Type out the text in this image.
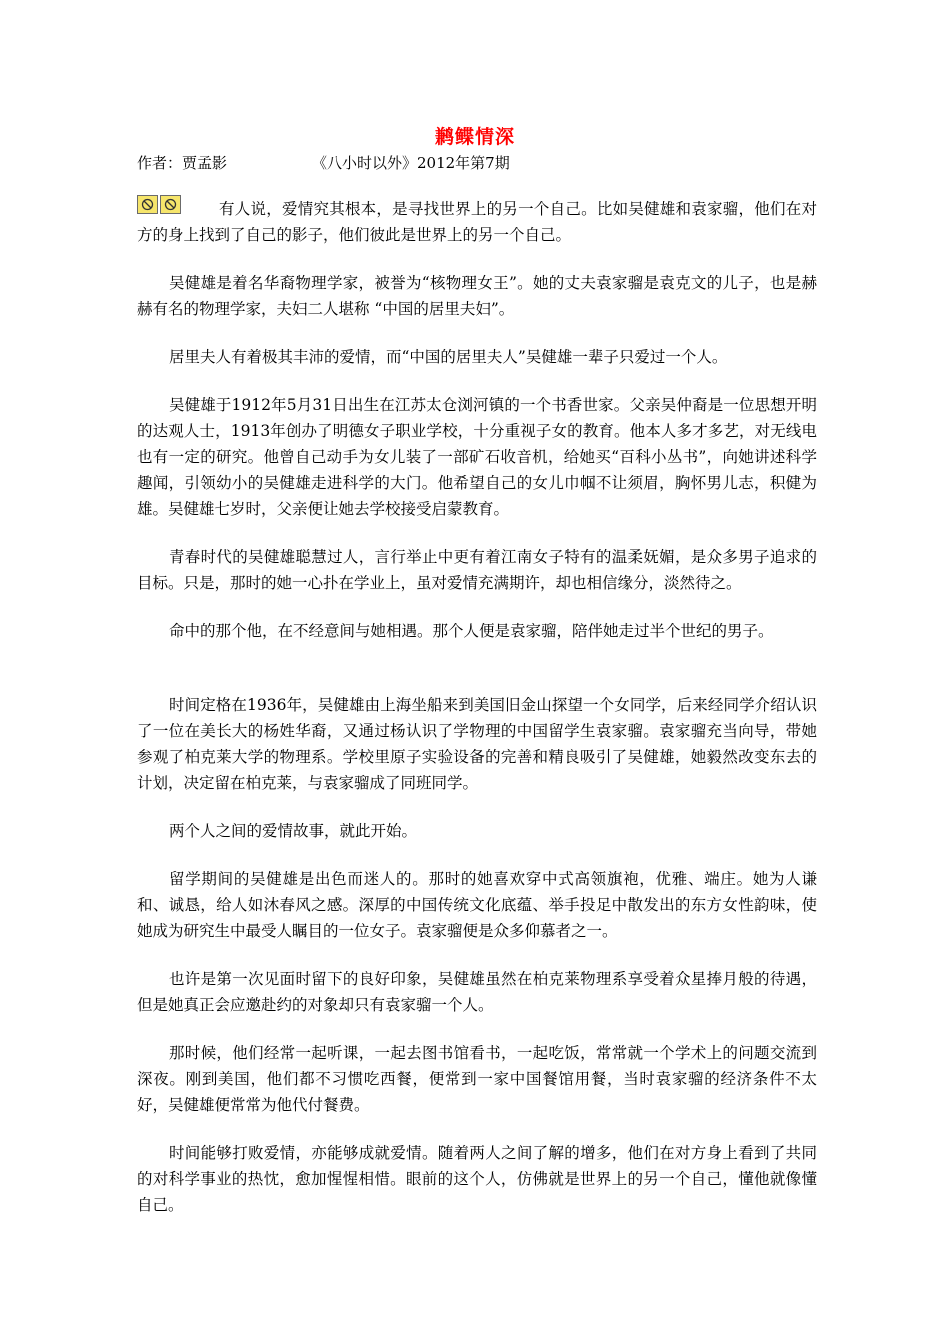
鹣鲽情深
作者：贾孟影	《八小时以外》2012年第7期

有人说，爱情究其根本，是寻找世界上的另一个自己。比如吴健雄和袁家骝，他们在对方的身上找到了自己的影子，他们彼此是世界上的另一个自己。

吴健雄是着名华裔物理学家，被誉为“核物理女王”。她的丈夫袁家骝是袁克文的儿子，也是赫赫有名的物理学家，夫妇二人堪称 “中国的居里夫妇”。

居里夫人有着极其丰沛的爱情，而“中国的居里夫人”吴健雄一辈子只爱过一个人。

吴健雄于1912年5月31日出生在江苏太仓浏河镇的一个书香世家。父亲吴仲裔是一位思想开明的达观人士，1913年创办了明德女子职业学校，十分重视子女的教育。他本人多才多艺，对无线电也有一定的研究。他曾自己动手为女儿装了一部矿石收音机，给她买“百科小丛书”，向她讲述科学趣闻，引领幼小的吴健雄走进科学的大门。他希望自己的女儿巾帼不让须眉，胸怀男儿志，积健为雄。吴健雄七岁时，父亲便让她去学校接受启蒙教育。

青春时代的吴健雄聪慧过人，言行举止中更有着江南女子特有的温柔妩媚，是众多男子追求的目标。只是，那时的她一心扑在学业上，虽对爱情充满期许，却也相信缘分，淡然待之。

命中的那个他，在不经意间与她相遇。那个人便是袁家骝，陪伴她走过半个世纪的男子。

时间定格在1936年，吴健雄由上海坐船来到美国旧金山探望一个女同学，后来经同学介绍认识了一位在美长大的杨姓华裔，又通过杨认识了学物理的中国留学生袁家骝。袁家骝充当向导，带她参观了柏克莱大学的物理系。学校里原子实验设备的完善和精良吸引了吴健雄，她毅然改变东去的计划，决定留在柏克莱，与袁家骝成了同班同学。

两个人之间的爱情故事，就此开始。

留学期间的吴健雄是出色而迷人的。那时的她喜欢穿中式高领旗袍，优雅、端庄。她为人谦和、诚恳，给人如沐春风之感。深厚的中国传统文化底蕴、举手投足中散发出的东方女性韵味，使她成为研究生中最受人瞩目的一位女子。袁家骝便是众多仰慕者之一。

也许是第一次见面时留下的良好印象，吴健雄虽然在柏克莱物理系享受着众星捧月般的待遇，但是她真正会应邀赴约的对象却只有袁家骝一个人。

那时候，他们经常一起听课，一起去图书馆看书，一起吃饭，常常就一个学术上的问题交流到深夜。刚到美国，他们都不习惯吃西餐，便常到一家中国餐馆用餐，当时袁家骝的经济条件不太好，吴健雄便常常为他代付餐费。

时间能够打败爱情，亦能够成就爱情。随着两人之间了解的增多，他们在对方身上看到了共同的对科学事业的热忱，愈加惺惺相惜。眼前的这个人，仿佛就是世界上的另一个自己，懂他就像懂自己。
